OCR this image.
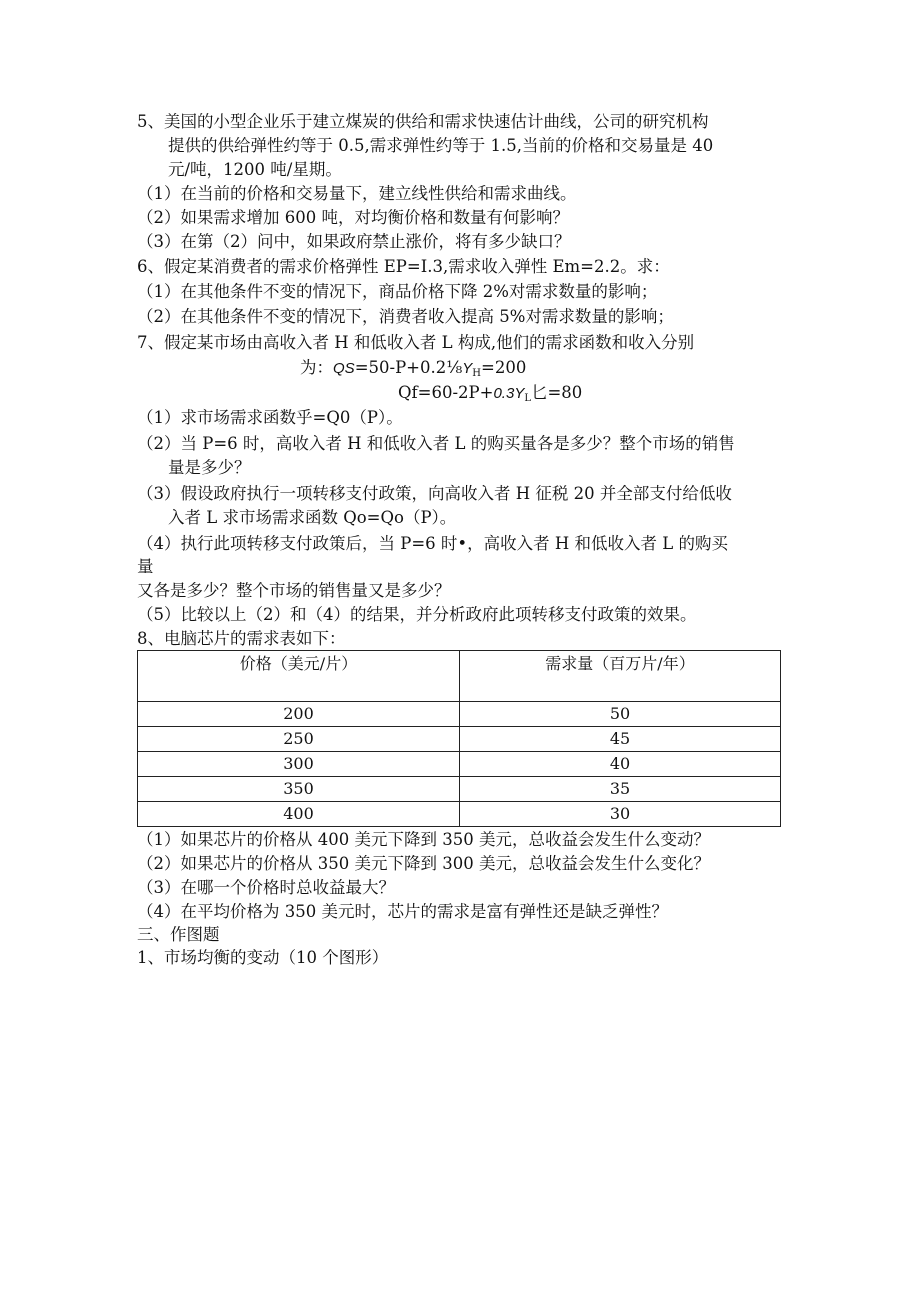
5、美国的小型企业乐于建立煤炭的供给和需求快速估计曲线，公司的研究机构
提供的供给弹性约等于 0.5,需求弹性约等于 1.5,当前的价格和交易量是 40
元/吨，1200 吨/星期。
（1）在当前的价格和交易量下，建立线性供给和需求曲线。
（2）如果需求增加 600 吨，对均衡价格和数量有何影响？
（3）在第（2）问中，如果政府禁止涨价，将有多少缺口？
6、假定某消费者的需求价格弹性 EP=I.3,需求收入弹性 Em=2.2。求：
（1）在其他条件不变的情况下，商品价格下降 2%对需求数量的影响；
（2）在其他条件不变的情况下，消费者收入提高 5%对需求数量的影响；
7、假定某市场由高收入者 H 和低收入者 L 构成,他们的需求函数和收入分别
为：$QS=50-P+0.2\frac{1}{8}Y_H=200$
$Qf=60-2P+0.3Y_L$匕=80
（1）求市场需求函数乎=Q0（P）。
（2）当 P=6 时，高收入者 H 和低收入者 L 的购买量各是多少？整个市场的销售
量是多少？
（3）假设政府执行一项转移支付政策，向高收入者 H 征税 20 并全部支付给低收
入者 L 求市场需求函数 Qo=Qo（P）。
（4）执行此项转移支付政策后，当 P=6 时•，高收入者 H 和低收入者 L 的购买
量
又各是多少？整个市场的销售量又是多少？
（5）比较以上（2）和（4）的结果，并分析政府此项转移支付政策的效果。
8、电脑芯片的需求表如下：
价格（美元/片）	需求量（百万片/年）
200	50
250	45
300	40
350	35
400	30
（1）如果芯片的价格从 400 美元下降到 350 美元，总收益会发生什么变动？
（2）如果芯片的价格从 350 美元下降到 300 美元，总收益会发生什么变化？
（3）在哪一个价格时总收益最大？
（4）在平均价格为 350 美元时，芯片的需求是富有弹性还是缺乏弹性？
三、作图题
1、市场均衡的变动（10 个图形）
